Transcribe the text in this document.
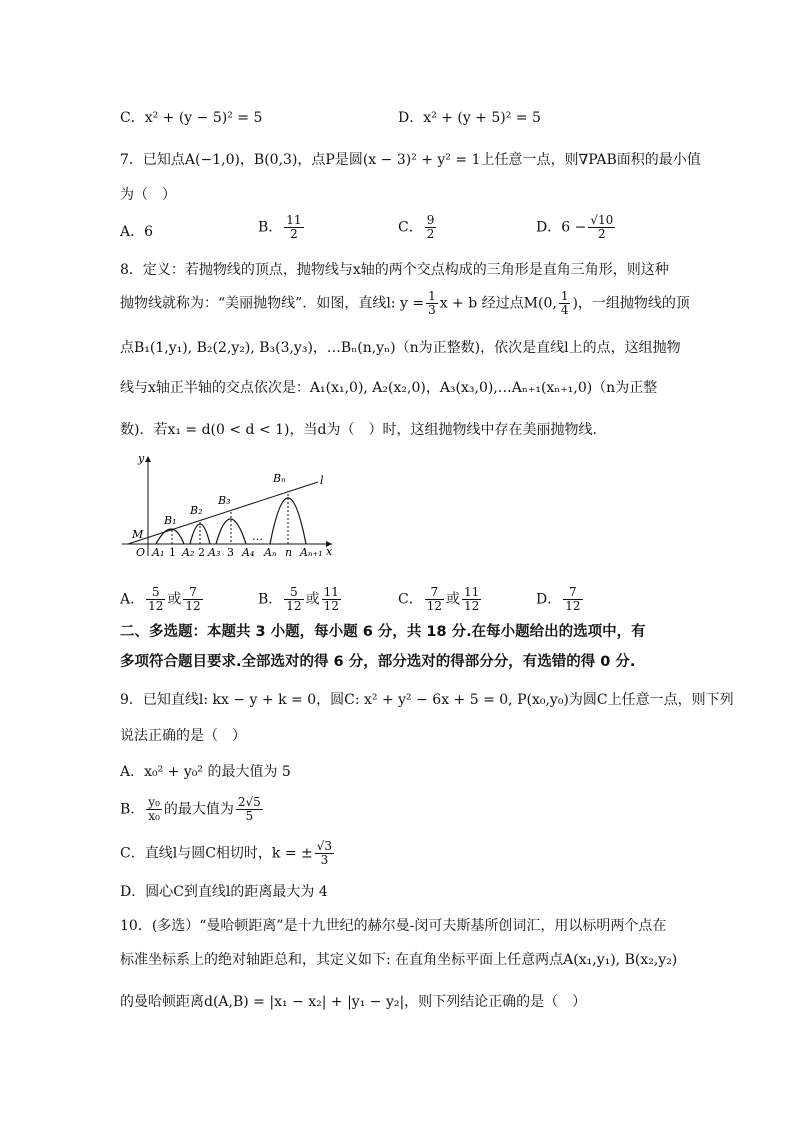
C．x² + (y − 5)² = 5	D．x² + (y + 5)² = 5
7．已知点A(−1,0)，B(0,3)，点P是圆(x − 3)² + y² = 1上任意一点，则∇PAB面积的最小值
为（　）
A．6	B． $\frac{11}{2}$	C． $\frac{9}{2}$	D．$6 - \frac{√10}{2}$
8．定义：若抛物线的顶点，抛物线与x轴的两个交点构成的三角形是直角三角形，则这种
抛物线就称为：“美丽抛物线”．如图，直线l: $y = \frac{1}{3}$ x + b 经过点M(0, $\frac{1}{4}$ )，一组抛物线的顶
点B₁(1,y₁), B₂(2,y₂), B₃(3,y₃)，…Bₙ(n,yₙ)（n为正整数)，依次是直线l上的点，这组抛物
线与x轴正半轴的交点依次是：A₁(x₁,0), A₂(x₂,0)，A₃(x₃,0),…Aₙ₊₁(xₙ₊₁,0)（n为正整
数)．若x₁ = d(0 < d < 1)，当d为（　）时，这组抛物线中存在美丽抛物线．
y
x
l
M
O
B₁
B₂
B₃
Bₙ
A₁ 1 A₂ 2 A₃ 3 A₄
…
Aₙ n Aₙ₊₁
A． $\frac{5}{12}$ 或 $\frac{7}{12}$	B． $\frac{5}{12}$ 或 $\frac{11}{12}$	C． $\frac{7}{12}$ 或 $\frac{11}{12}$	D． $\frac{7}{12}$
二、多选题：本题共 3 小题，每小题 6 分，共 18 分.在每小题给出的选项中，有
多项符合题目要求.全部选对的得 6 分，部分选对的得部分分，有选错的得 0 分.
9．已知直线l: kx − y + k = 0，圆C: x² + y² − 6x + 5 = 0, P(x₀,y₀)为圆C上任意一点，则下列
说法正确的是（　）
A．x₀² + y₀² 的最大值为 5
B． $\frac{\text{y₀}}{\text{x₀}}$ 的最大值为 $\frac{2√5}{5}$
C．直线l与圆C相切时，k = ± $\frac{√3}{3}$
D．圆心C到直线l的距离最大为 4
10．(多选）“曼哈顿距离”是十九世纪的赫尔曼-闵可夫斯基所创词汇，用以标明两个点在
标准坐标系上的绝对轴距总和，其定义如下: 在直角坐标平面上任意两点A(x₁,y₁), B(x₂,y₂)
的曼哈顿距离d(A,B) = |x₁ − x₂| + |y₁ − y₂|，则下列结论正确的是（　）
